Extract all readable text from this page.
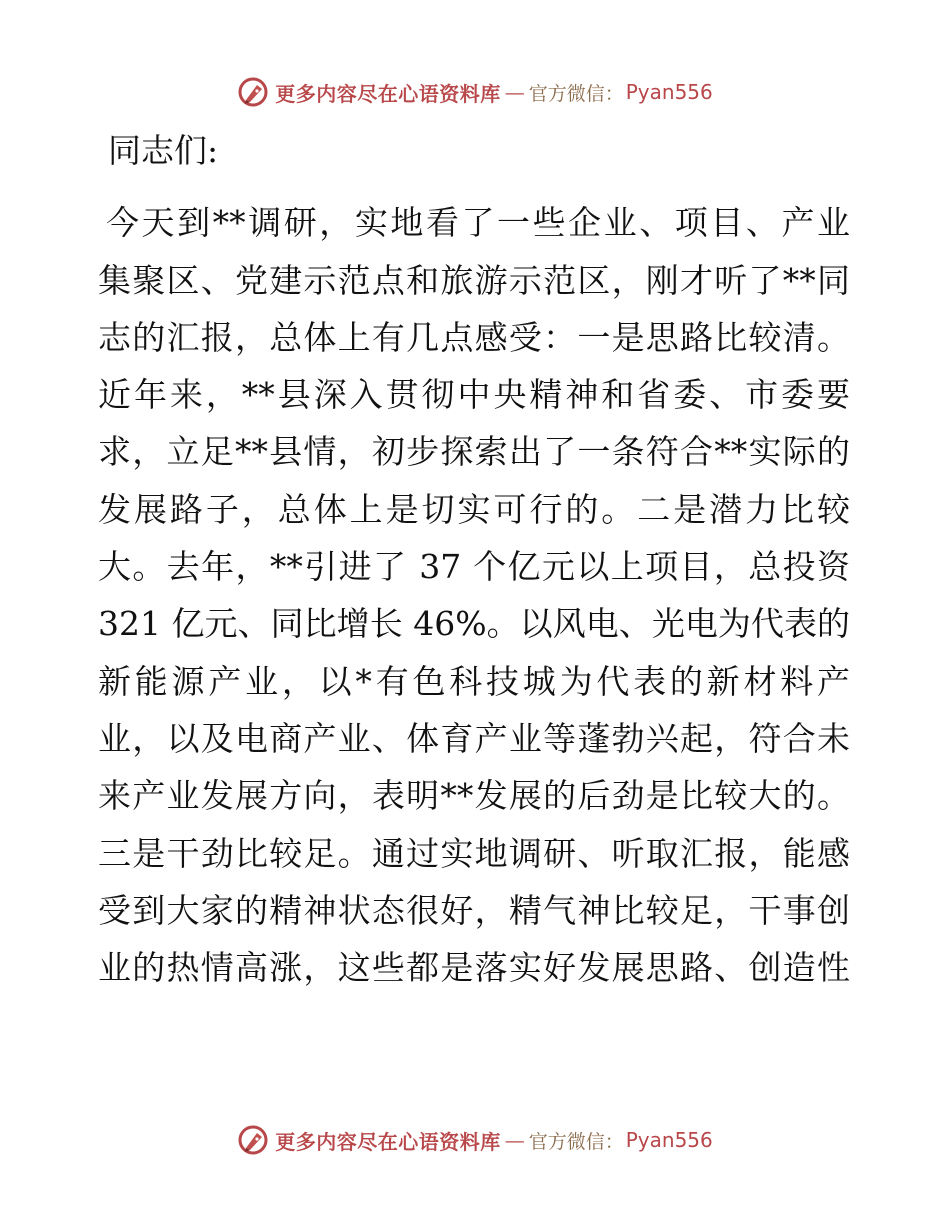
更多内容尽在心语资料库 — 官方微信： Pyan556
同志们:
今天到**调研，实地看了一些企业、项目、产业
集聚区、党建示范点和旅游示范区，刚才听了**同
志的汇报，总体上有几点感受：一是思路比较清。
近年来，**县深入贯彻中央精神和省委、市委要
求，立足**县情，初步探索出了一条符合**实际的
发展路子，总体上是切实可行的。二是潜力比较
大。去年，**引进了 37 个亿元以上项目，总投资
321 亿元、同比增长 46%。以风电、光电为代表的
新能源产业，以*有色科技城为代表的新材料产
业，以及电商产业、体育产业等蓬勃兴起，符合未
来产业发展方向，表明**发展的后劲是比较大的。
三是干劲比较足。通过实地调研、听取汇报，能感
受到大家的精神状态很好，精气神比较足，干事创
业的热情高涨，这些都是落实好发展思路、创造性
更多内容尽在心语资料库 — 官方微信： Pyan556
